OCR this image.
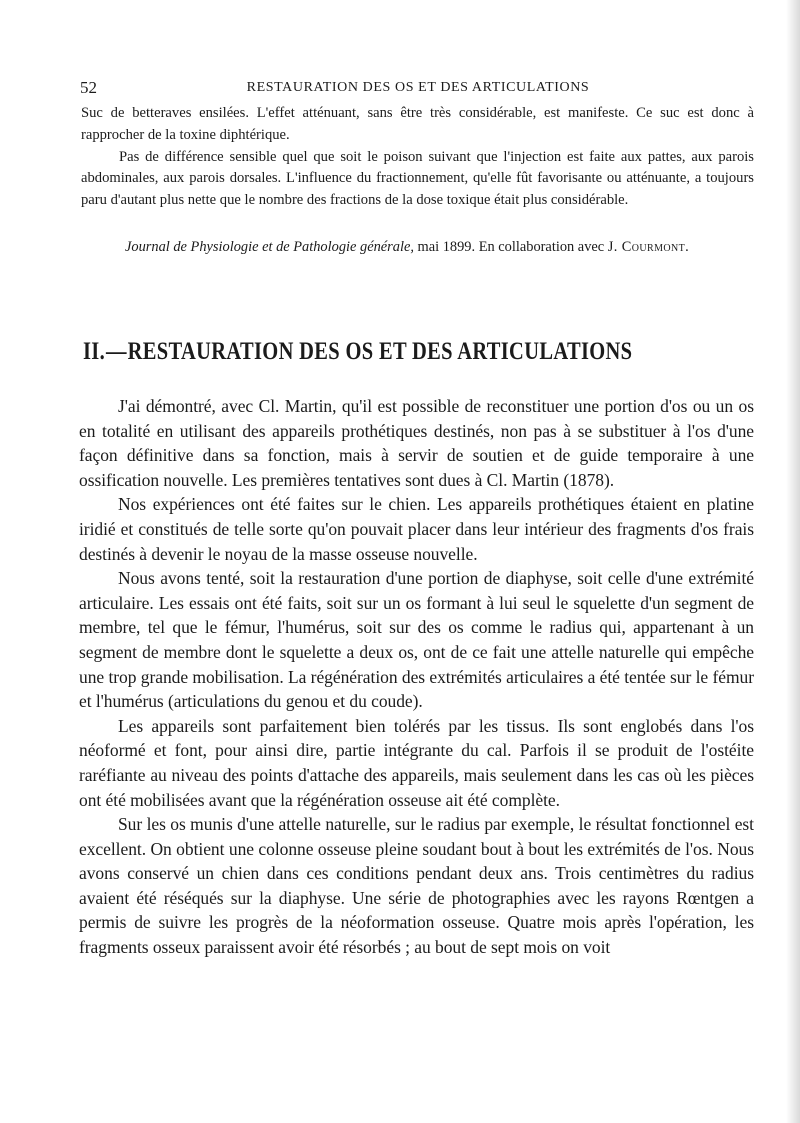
52	RESTAURATION DES OS ET DES ARTICULATIONS

Suc de betteraves ensilées. L'effet atténuant, sans être très considérable, est manifeste. Ce suc est donc à rapprocher de la toxine diphtérique.

Pas de différence sensible quel que soit le poison suivant que l'injection est faite aux pattes, aux parois abdominales, aux parois dorsales. L'influence du fractionnement, qu'elle fût favorisante ou atténuante, a toujours paru d'autant plus nette que le nombre des fractions de la dose toxique était plus considérable.

Journal de Physiologie et de Pathologie générale, mai 1899. En collaboration avec J. Courmont.

II. — RESTAURATION DES OS ET DES ARTICULATIONS

J'ai démontré, avec Cl. Martin, qu'il est possible de reconstituer une portion d'os ou un os en totalité en utilisant des appareils prothétiques destinés, non pas à se substituer à l'os d'une façon définitive dans sa fonction, mais à servir de soutien et de guide temporaire à une ossification nouvelle. Les premières tentatives sont dues à Cl. Martin (1878).

Nos expériences ont été faites sur le chien. Les appareils prothétiques étaient en platine iridié et constitués de telle sorte qu'on pouvait placer dans leur intérieur des fragments d'os frais destinés à devenir le noyau de la masse osseuse nouvelle.

Nous avons tenté, soit la restauration d'une portion de diaphyse, soit celle d'une extrémité articulaire. Les essais ont été faits, soit sur un os formant à lui seul le squelette d'un segment de membre, tel que le fémur, l'humérus, soit sur des os comme le radius qui, appartenant à un segment de membre dont le squelette a deux os, ont de ce fait une attelle naturelle qui empêche une trop grande mobilisation. La régénération des extrémités articulaires a été tentée sur le fémur et l'humérus (articulations du genou et du coude).

Les appareils sont parfaitement bien tolérés par les tissus. Ils sont englobés dans l'os néoformé et font, pour ainsi dire, partie intégrante du cal. Parfois il se produit de l'ostéite raréfiante au niveau des points d'attache des appareils, mais seulement dans les cas où les pièces ont été mobilisées avant que la régénération osseuse ait été complète.

Sur les os munis d'une attelle naturelle, sur le radius par exemple, le résultat fonctionnel est excellent. On obtient une colonne osseuse pleine soudant bout à bout les extrémités de l'os. Nous avons conservé un chien dans ces conditions pendant deux ans. Trois centimètres du radius avaient été réséqués sur la diaphyse. Une série de photographies avec les rayons Rœntgen a permis de suivre les progrès de la néoformation osseuse. Quatre mois après l'opération, les fragments osseux paraissent avoir été résorbés ; au bout de sept mois on voit
